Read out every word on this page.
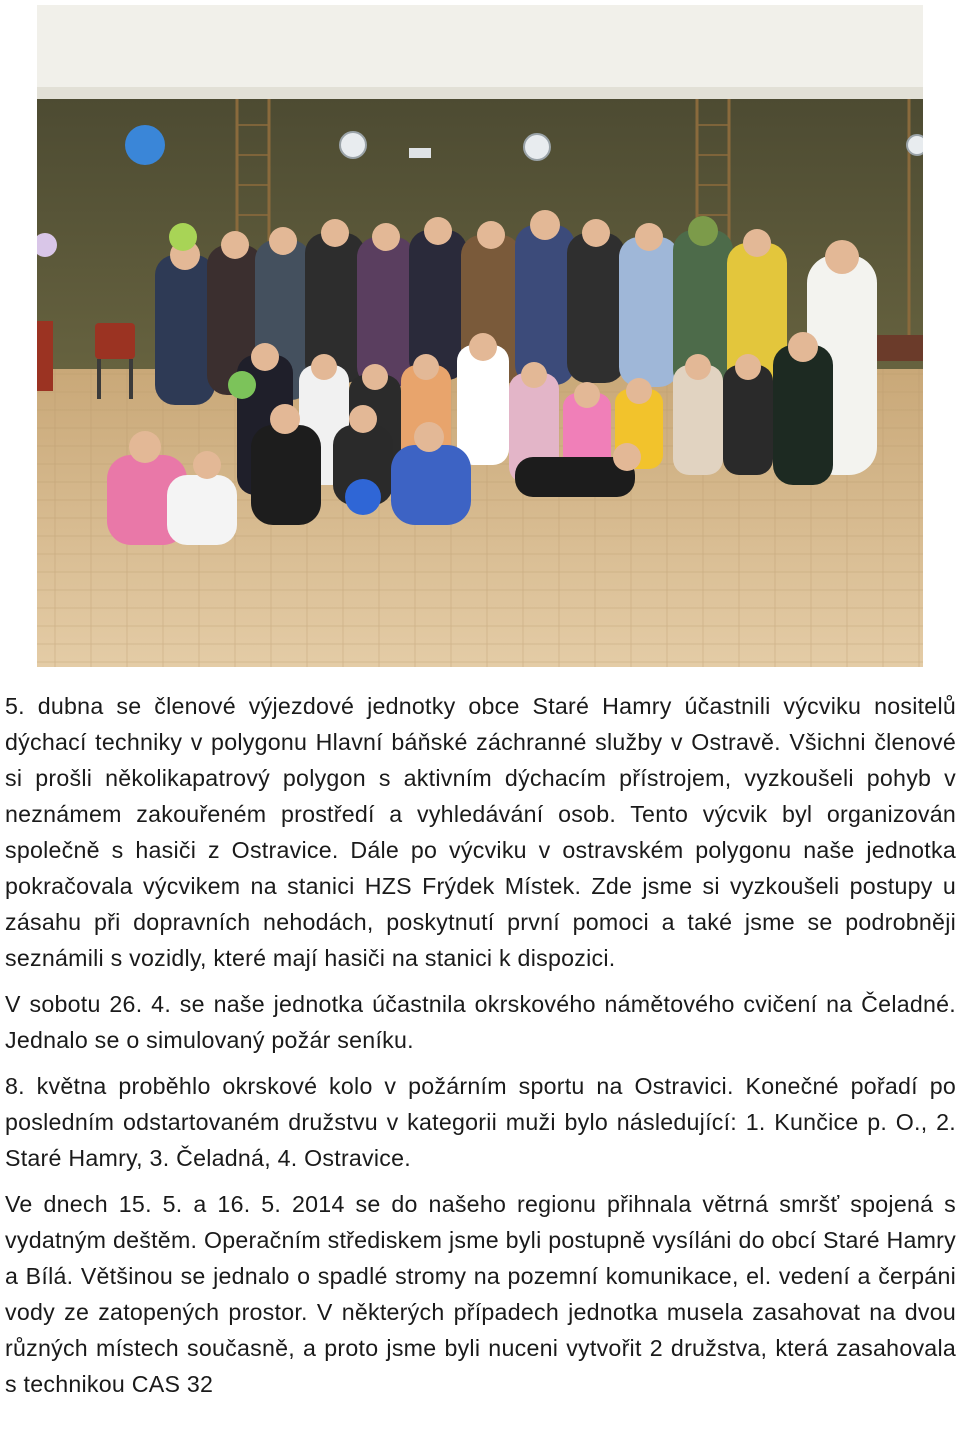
5. dubna se členové výjezdové jednotky obce Staré Hamry účastnili výcviku nositelů dýchací techniky v polygonu Hlavní báňské záchranné služby v Ostravě. Všichni členové si prošli několikapatrový polygon s aktivním dýchacím přístrojem, vyzkoušeli pohyb v neznámem zakouřeném prostředí a vyhledávání osob. Tento výcvik byl organizován společně s hasiči z Ostravice. Dále po výcviku v ostravském polygonu naše jednotka pokračovala výcvikem na stanici HZS Frýdek Místek. Zde jsme si vyzkoušeli postupy u zásahu při dopravních nehodách, poskytnutí první pomoci a také jsme se podrobněji seznámili s vozidly, které mají hasiči na stanici k dispozici.

V sobotu 26. 4. se naše jednotka účastnila okrskového námětového cvičení na Čeladné. Jednalo se o simulovaný požár seníku.

8. května proběhlo okrskové kolo v požárním sportu na Ostravici. Konečné pořadí po posledním odstartovaném družstvu v kategorii muži bylo následující: 1. Kunčice p. O., 2. Staré Hamry, 3. Čeladná, 4. Ostravice.

Ve dnech 15. 5. a 16. 5. 2014 se do našeho regionu přihnala větrná smršť spojená s vydatným deštěm. Operačním střediskem jsme byli postupně vysíláni do obcí Staré Hamry a Bílá. Většinou se jednalo o spadlé stromy na pozemní komunikace, el. vedení a čerpáni vody ze zatopených prostor. V některých případech jednotka musela zasahovat na dvou různých místech současně, a proto jsme byli nuceni vytvořit 2 družstva, která zasahovala s technikou CAS 32
